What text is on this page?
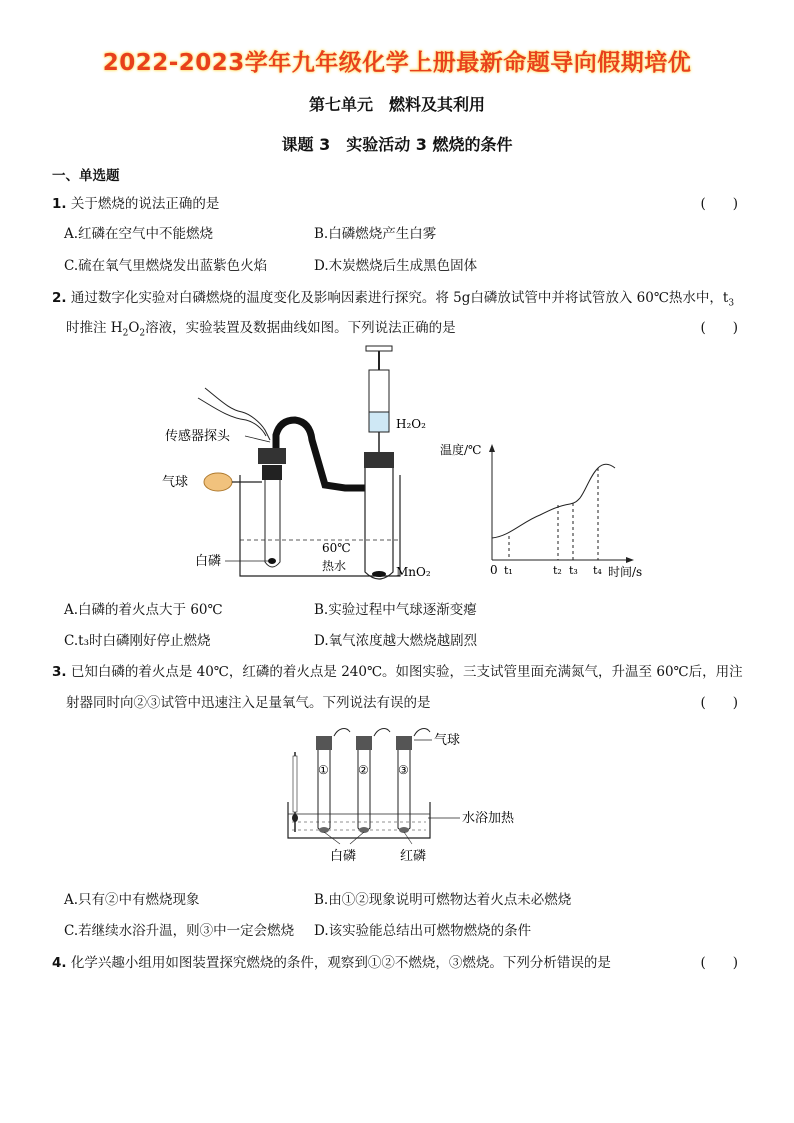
2022-2023学年九年级化学上册最新命题导向假期培优
第七单元　燃料及其利用
课题 3　实验活动 3 燃烧的条件
一、单选题
1. 关于燃烧的说法正确的是	(　　)
A.红磷在空气中不能燃烧	B.白磷燃烧产生白雾
C.硫在氧气里燃烧发出蓝紫色火焰	D.木炭燃烧后生成黑色固体
2. 通过数字化实验对白磷燃烧的温度变化及影响因素进行探究。将 5g白磷放试管中并将试管放入 60℃热水中，$t_3$
时推注 $H_2O_2$溶液，实验装置及数据曲线如图。下列说法正确的是	(　　)
传感器探头
气球
白磷
60℃
热水	MnO₂
H₂O₂
温度/℃
时间/s
0 t₁	t₂ t₃ t₄
A.白磷的着火点大于 60℃	B.实验过程中气球逐渐变瘪
C.t₃时白磷刚好停止燃烧	D.氧气浓度越大燃烧越剧烈
3. 已知白磷的着火点是 40℃，红磷的着火点是 240℃。如图实验，三支试管里面充满氮气，升温至 60℃后，用注
射器同时向②③试管中迅速注入足量氧气。下列说法有误的是	(　　)
水浴加热
① ② ③
气球
白磷	红磷
A.只有②中有燃烧现象	B.由①②现象说明可燃物达着火点未必燃烧
C.若继续水浴升温，则③中一定会燃烧 D.该实验能总结出可燃物燃烧的条件
4. 化学兴趣小组用如图装置探究燃烧的条件，观察到①②不燃烧，③燃烧。下列分析错误的是	(　　)
